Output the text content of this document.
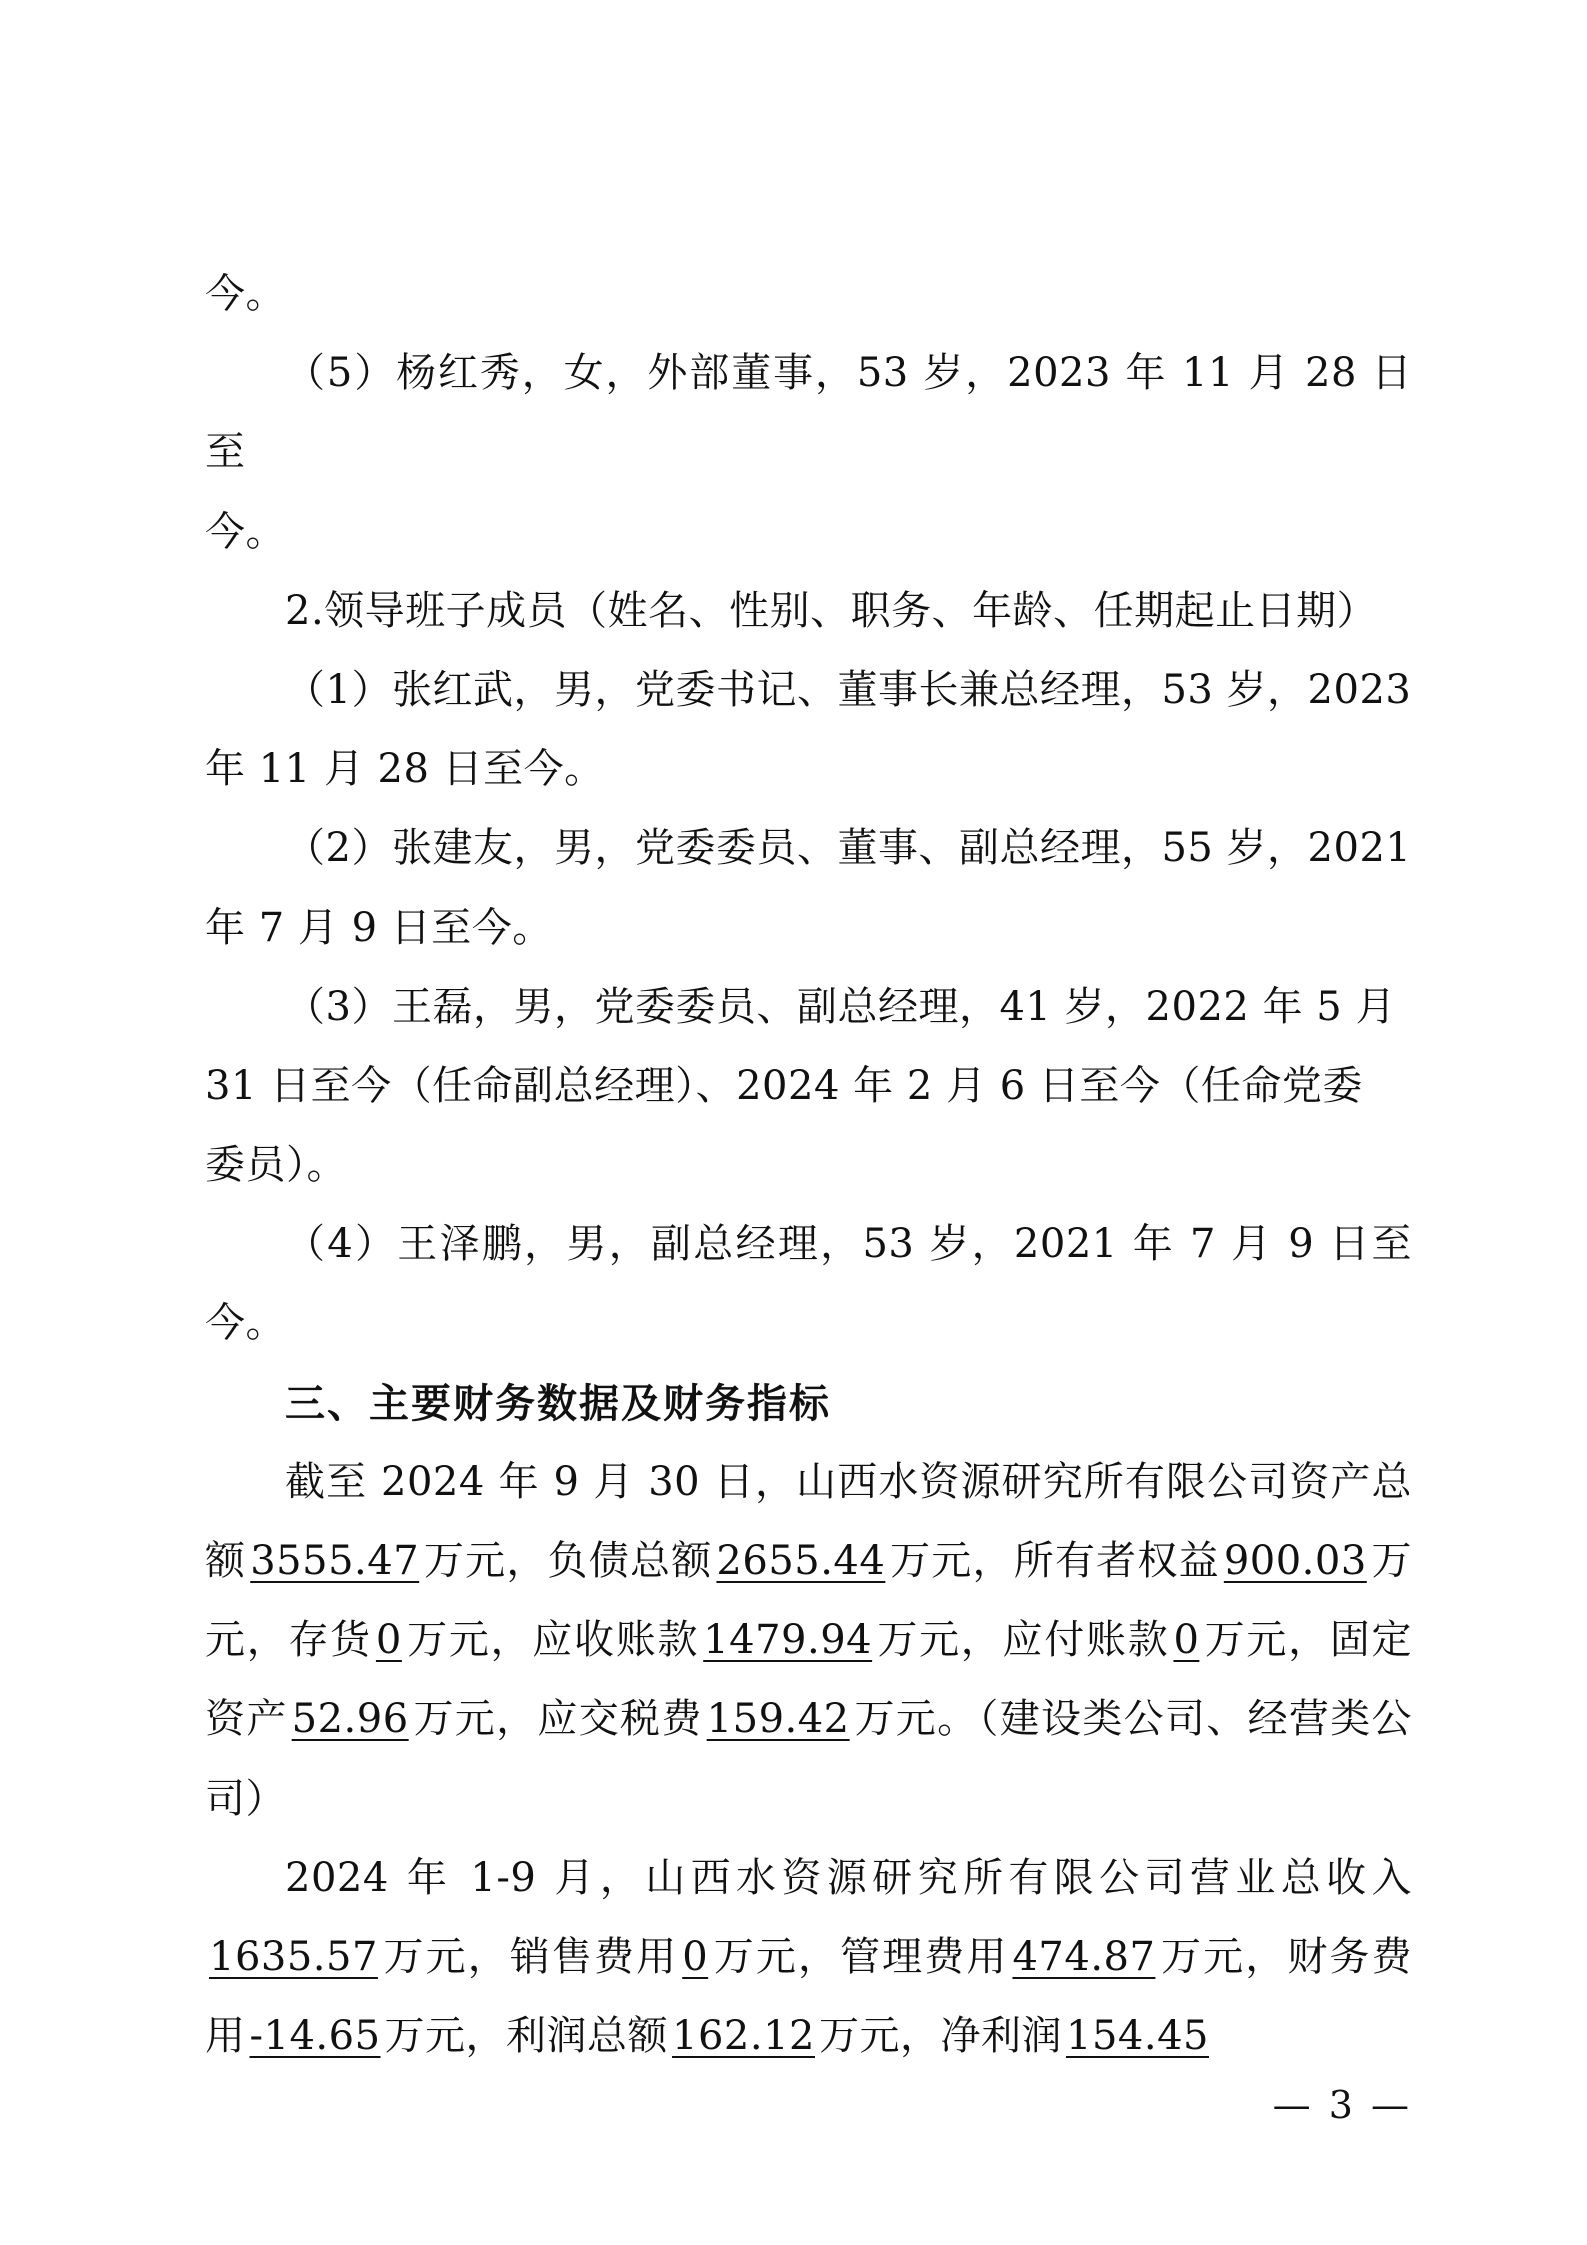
今。

（5）杨红秀，女，外部董事，53 岁，2023 年 11 月 28 日至

今。

2.领导班子成员（姓名、性别、职务、年龄、任期起止日期）

（1）张红武，男，党委书记、董事长兼总经理，53 岁，2023

年 11 月 28 日至今。

（2）张建友，男，党委委员、董事、副总经理，55 岁，2021

年 7 月 9 日至今。

（3）王磊，男，党委委员、副总经理，41 岁，2022 年 5 月

31 日至今（任命副总经理）、2024 年 2 月 6 日至今（任命党委

委员）。

（4）王泽鹏，男，副总经理，53 岁，2021 年 7 月 9 日至今。

三、主要财务数据及财务指标

截至 2024 年 9 月 30 日，山西水资源研究所有限公司资产总额 3555.47 万元，负债总额 2655.44 万元，所有者权益 900.03 万元，存货 0 万元，应收账款 1479.94 万元，应付账款 0 万元，固定资产 52.96 万元，应交税费 159.42 万元。（建设类公司、经营类公司）

2024 年 1-9 月，山西水资源研究所有限公司营业总收入1635.57 万元，销售费用 0 万元，管理费用 474.87 万元，财务费用 -14.65 万元，利润总额 162.12 万元，净利润 154.45

— 3 —
